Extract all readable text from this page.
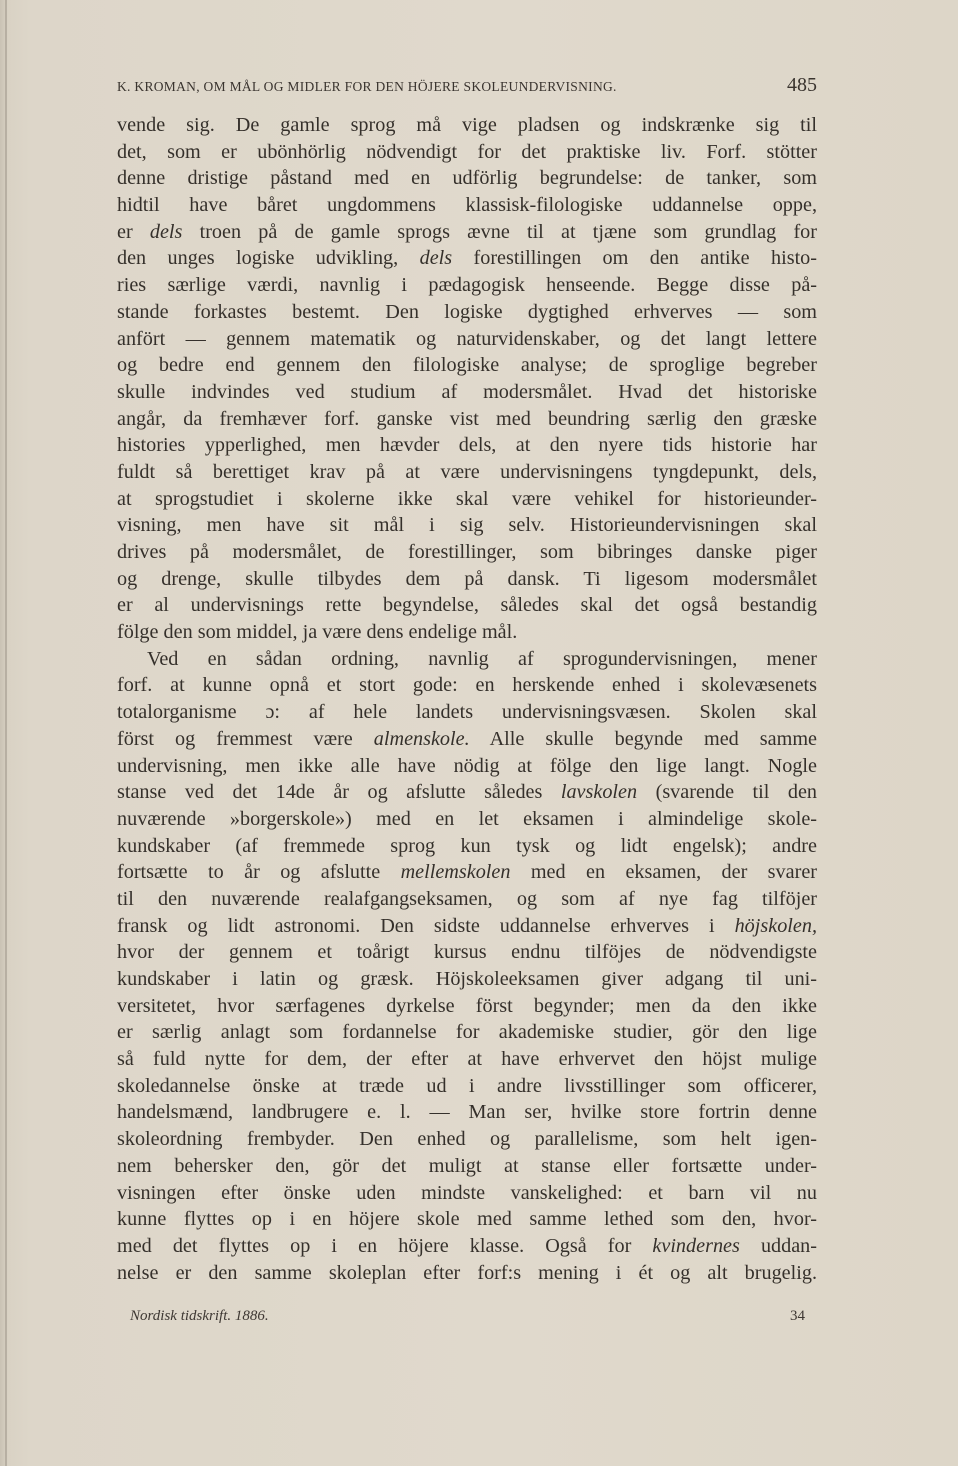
K. KROMAN, OM MÅL OG MIDLER FOR DEN HÖJERE SKOLEUNDERVISNING.	485
vende sig. De gamle sprog må vige pladsen og indskrænke sig til
det, som er ubönhörlig nödvendigt for det praktiske liv. Forf. stötter
denne dristige påstand med en udförlig begrundelse: de tanker, som
hidtil have båret ungdommens klassisk-filologiske uddannelse oppe,
er dels troen på de gamle sprogs ævne til at tjæne som grundlag for
den unges logiske udvikling, dels forestillingen om den antike histo-
ries særlige værdi, navnlig i pædagogisk henseende. Begge disse på-
stande forkastes bestemt. Den logiske dygtighed erhverves — som
anfört — gennem matematik og naturvidenskaber, og det langt lettere
og bedre end gennem den filologiske analyse; de sproglige begreber
skulle indvindes ved studium af modersmålet. Hvad det historiske
angår, da fremhæver forf. ganske vist med beundring særlig den græske
histories ypperlighed, men hævder dels, at den nyere tids historie har
fuldt så berettiget krav på at være undervisningens tyngdepunkt, dels,
at sprogstudiet i skolerne ikke skal være vehikel for historieunder-
visning, men have sit mål i sig selv. Historieundervisningen skal
drives på modersmålet, de forestillinger, som bibringes danske piger
og drenge, skulle tilbydes dem på dansk. Ti ligesom modersmålet
er al undervisnings rette begyndelse, således skal det også bestandig
fölge den som middel, ja være dens endelige mål.
Ved en sådan ordning, navnlig af sprogundervisningen, mener
forf. at kunne opnå et stort gode: en herskende enhed i skolevæsenets
totalorganisme ɔ: af hele landets undervisningsvæsen. Skolen skal
först og fremmest være almenskole. Alle skulle begynde med samme
undervisning, men ikke alle have nödig at fölge den lige langt. Nogle
stanse ved det 14de år og afslutte således lavskolen (svarende til den
nuværende »borgerskole») med en let eksamen i almindelige skole-
kundskaber (af fremmede sprog kun tysk og lidt engelsk); andre
fortsætte to år og afslutte mellemskolen med en eksamen, der svarer
til den nuværende realafgangseksamen, og som af nye fag tilföjer
fransk og lidt astronomi. Den sidste uddannelse erhverves i höjskolen,
hvor der gennem et toårigt kursus endnu tilföjes de nödvendigste
kundskaber i latin og græsk. Höjskoleeksamen giver adgang til uni-
versitetet, hvor særfagenes dyrkelse först begynder; men da den ikke
er særlig anlagt som fordannelse for akademiske studier, gör den lige
så fuld nytte for dem, der efter at have erhvervet den höjst mulige
skoledannelse önske at træde ud i andre livsstillinger som officerer,
handelsmænd, landbrugere e. l. — Man ser, hvilke store fortrin denne
skoleordning frembyder. Den enhed og parallelisme, som helt igen-
nem behersker den, gör det muligt at stanse eller fortsætte under-
visningen efter önske uden mindste vanskelighed: et barn vil nu
kunne flyttes op i en höjere skole med samme lethed som den, hvor-
med det flyttes op i en höjere klasse. Også for kvindernes uddan-
nelse er den samme skoleplan efter forf:s mening i ét og alt brugelig.
Nordisk tidskrift. 1886.	34
